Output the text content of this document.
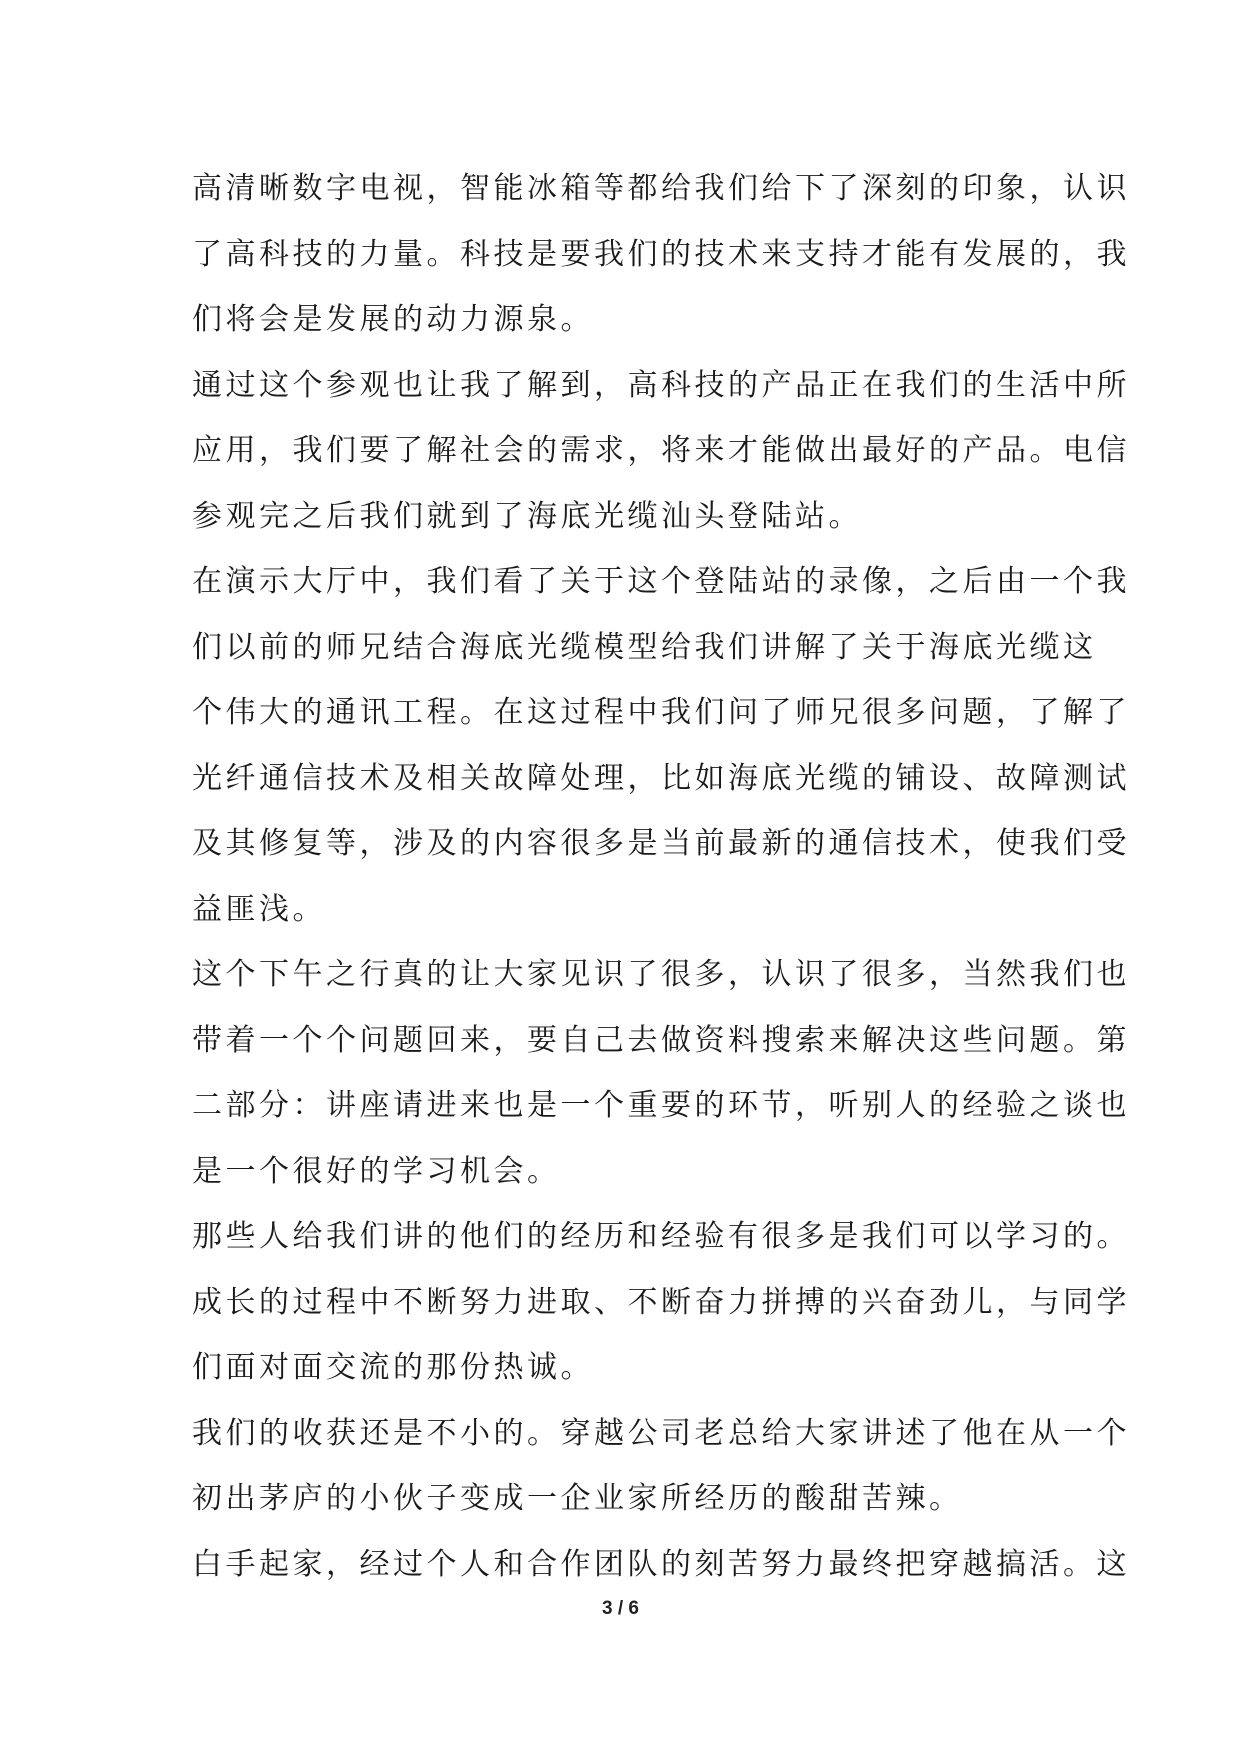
高清晰数字电视，智能冰箱等都给我们给下了深刻的印象，认识
了高科技的力量。科技是要我们的技术来支持才能有发展的，我
们将会是发展的动力源泉。
通过这个参观也让我了解到，高科技的产品正在我们的生活中所
应用，我们要了解社会的需求，将来才能做出最好的产品。电信
参观完之后我们就到了海底光缆汕头登陆站。
在演示大厅中，我们看了关于这个登陆站的录像，之后由一个我
们以前的师兄结合海底光缆模型给我们讲解了关于海底光缆这
个伟大的通讯工程。在这过程中我们问了师兄很多问题，了解了
光纤通信技术及相关故障处理，比如海底光缆的铺设、故障测试
及其修复等，涉及的内容很多是当前最新的通信技术，使我们受
益匪浅。
这个下午之行真的让大家见识了很多，认识了很多，当然我们也
带着一个个问题回来，要自己去做资料搜索来解决这些问题。第
二部分：讲座请进来也是一个重要的环节，听别人的经验之谈也
是一个很好的学习机会。
那些人给我们讲的他们的经历和经验有很多是我们可以学习的。
成长的过程中不断努力进取、不断奋力拼搏的兴奋劲儿，与同学
们面对面交流的那份热诚。
我们的收获还是不小的。穿越公司老总给大家讲述了他在从一个
初出茅庐的小伙子变成一企业家所经历的酸甜苦辣。
白手起家，经过个人和合作团队的刻苦努力最终把穿越搞活。这
3 / 6
